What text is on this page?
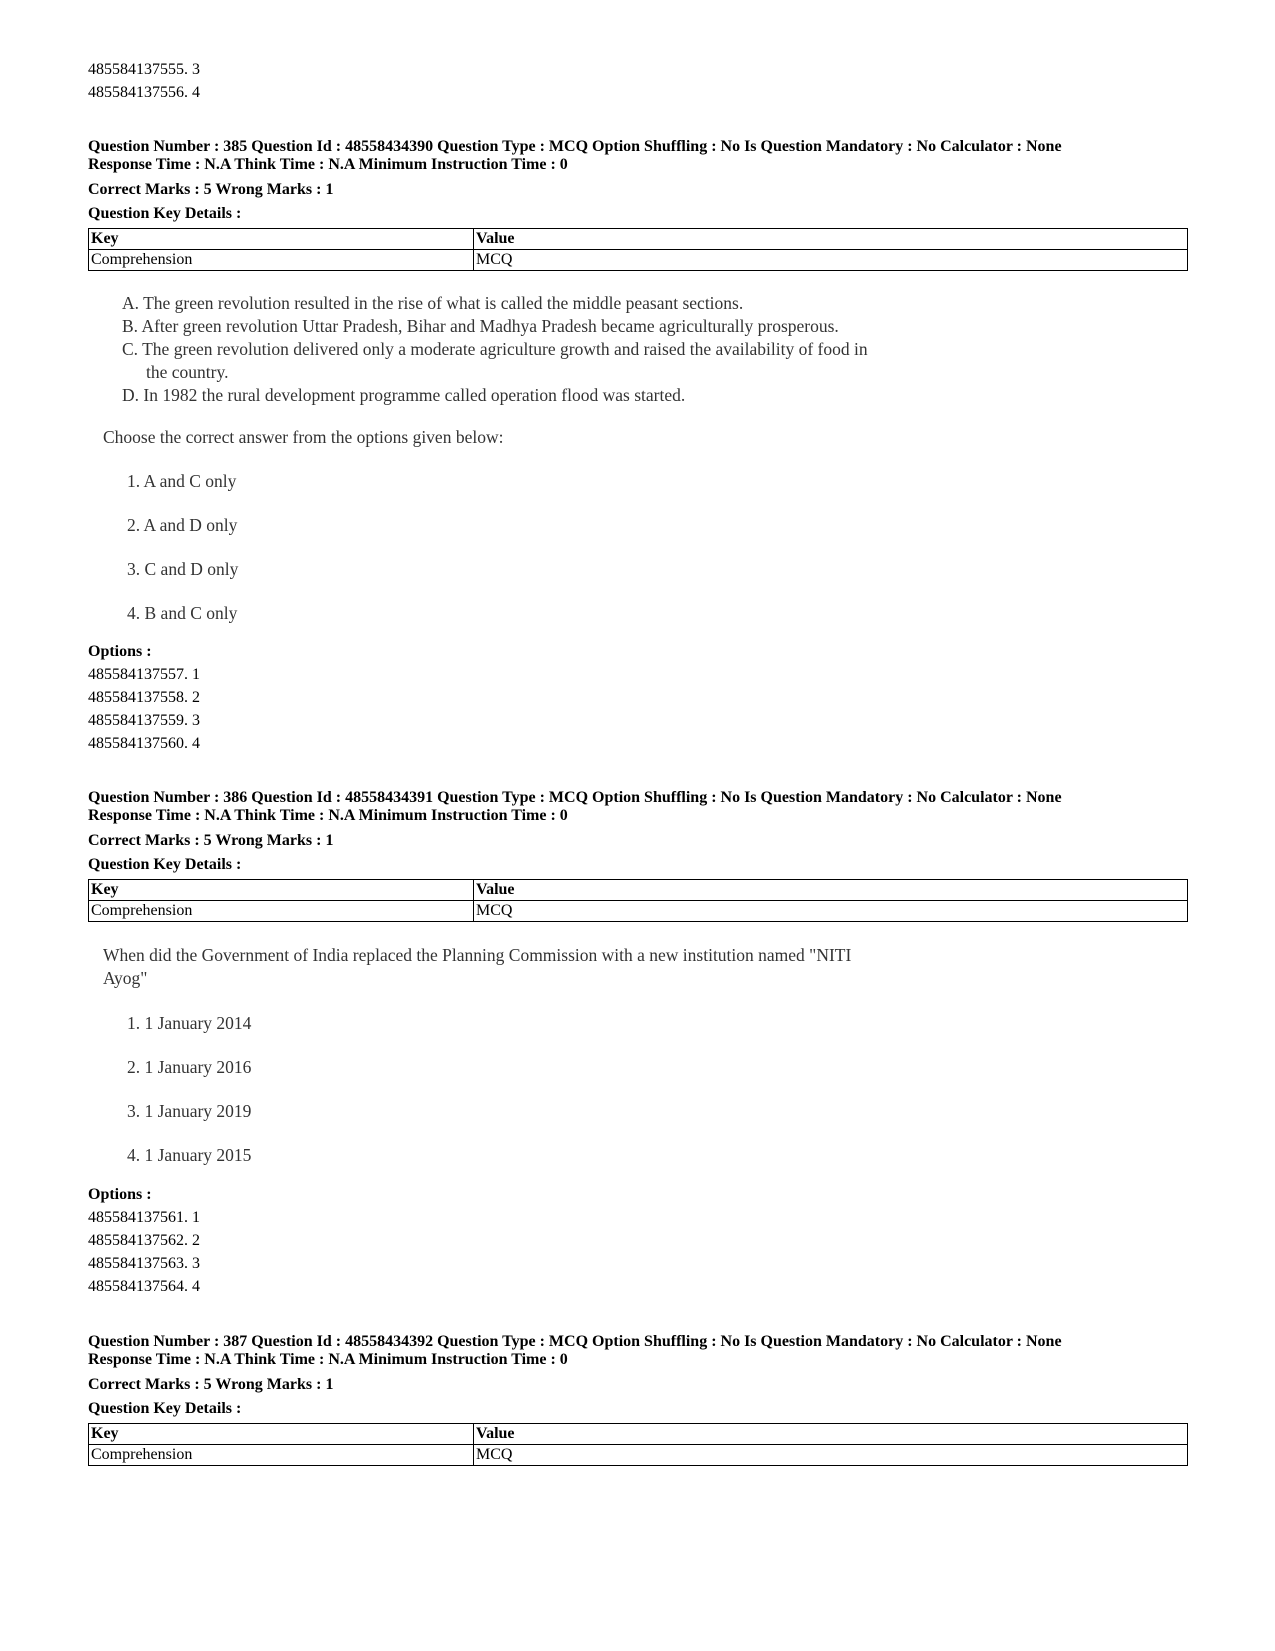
485584137555. 3
485584137556. 4
Question Number : 385 Question Id : 48558434390 Question Type : MCQ Option Shuffling : No Is Question Mandatory : No Calculator : None
Response Time : N.A Think Time : N.A Minimum Instruction Time : 0
Correct Marks : 5 Wrong Marks : 1
Question Key Details :
Key	Value
Comprehension	MCQ
A. The green revolution resulted in the rise of what is called the middle peasant sections.
B. After green revolution Uttar Pradesh, Bihar and Madhya Pradesh became agriculturally prosperous.
C. The green revolution delivered only a moderate agriculture growth and raised the availability of food in
the country.
D. In 1982 the rural development programme called operation flood was started.
Choose the correct answer from the options given below:
1. A and C only
2. A and D only
3. C and D only
4. B and C only
Options :
485584137557. 1
485584137558. 2
485584137559. 3
485584137560. 4
Question Number : 386 Question Id : 48558434391 Question Type : MCQ Option Shuffling : No Is Question Mandatory : No Calculator : None
Response Time : N.A Think Time : N.A Minimum Instruction Time : 0
Correct Marks : 5 Wrong Marks : 1
Question Key Details :
Key	Value
Comprehension	MCQ
When did the Government of India replaced the Planning Commission with a new institution named "NITI
Ayog"
1. 1 January 2014
2. 1 January 2016
3. 1 January 2019
4. 1 January 2015
Options :
485584137561. 1
485584137562. 2
485584137563. 3
485584137564. 4
Question Number : 387 Question Id : 48558434392 Question Type : MCQ Option Shuffling : No Is Question Mandatory : No Calculator : None
Response Time : N.A Think Time : N.A Minimum Instruction Time : 0
Correct Marks : 5 Wrong Marks : 1
Question Key Details :
Key	Value
Comprehension	MCQ
